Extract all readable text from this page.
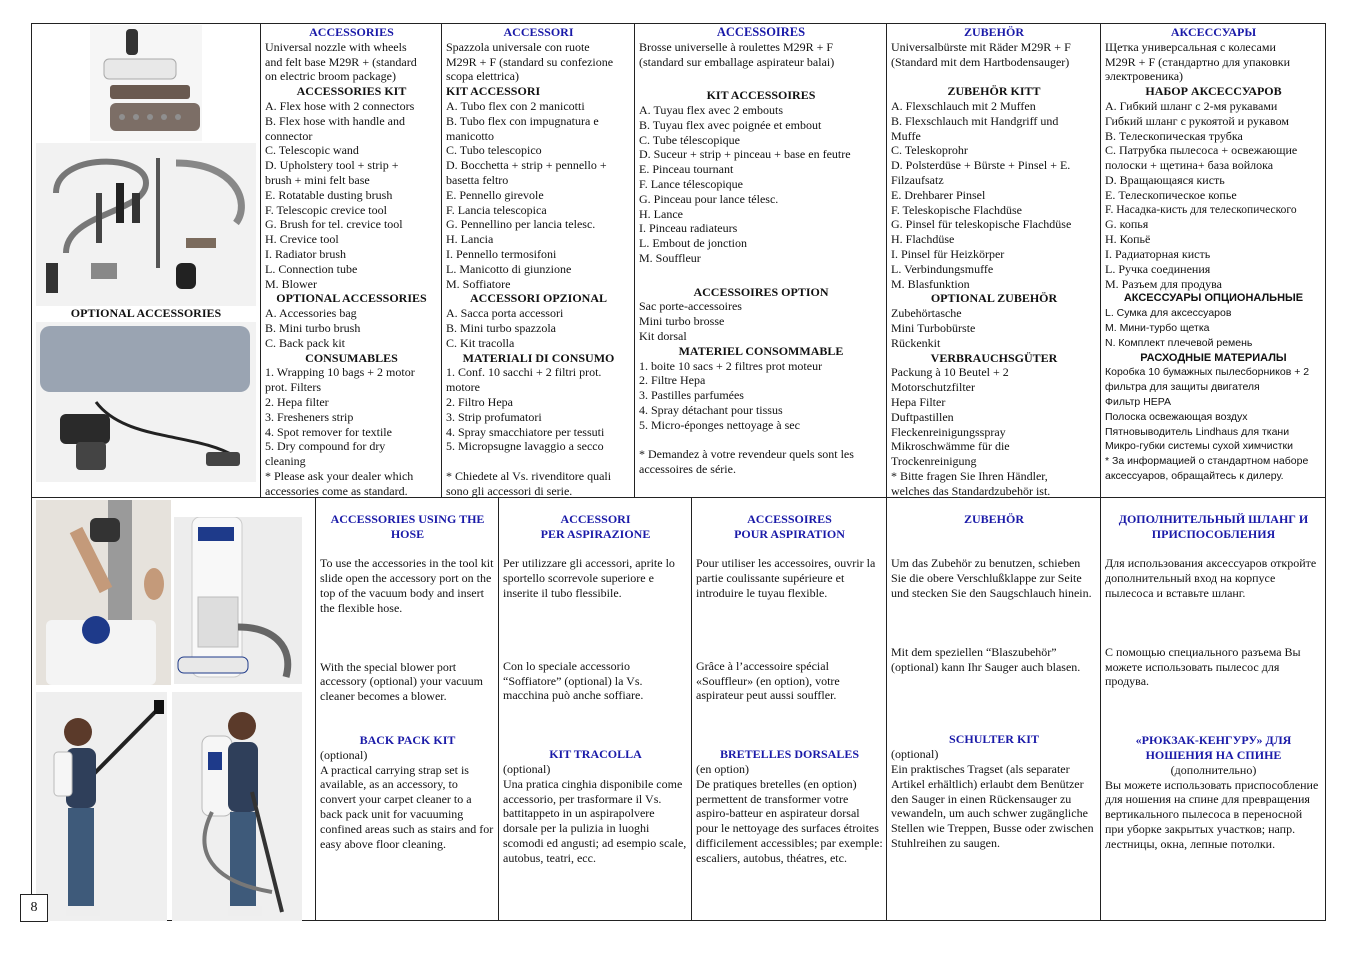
OPTIONAL ACCESSORIES
ACCESSORIES
Universal nozzle with wheels
and felt base M29R + (standard
on electric broom package)
ACCESSORIES KIT
A. Flex hose with 2 connectors
B. Flex hose with handle and
connector
C. Telescopic wand
D. Upholstery tool + strip +
brush + mini felt base
E. Rotatable dusting brush
F. Telescopic crevice tool
G. Brush for tel. crevice tool
H. Crevice tool
I. Radiator brush
L. Connection tube
M. Blower
OPTIONAL ACCESSORIES
A. Accessories bag
B. Mini turbo brush
C. Back pack kit
CONSUMABLES
1. Wrapping 10 bags + 2 motor
prot. Filters
2. Hepa filter
3. Fresheners strip
4. Spot remover for textile
5. Dry compound for dry
cleaning
* Please ask your dealer which
accessories come as standard.
ACCESSORI
Spazzola universale con ruote
M29R + F (standard su confezione
scopa elettrica)
KIT ACCESSORI
A. Tubo flex con 2 manicotti
B. Tubo flex con impugnatura e
manicotto
C. Tubo telescopico
D. Bocchetta + strip + pennello +
basetta feltro
E. Pennello girevole
F. Lancia telescopica
G. Pennellino per lancia telesc.
H. Lancia
I. Pennello termosifoni
L. Manicotto di giunzione
M. Soffiatore
ACCESSORI OPZIONAL
A. Sacca porta accessori
B. Mini turbo spazzola
C. Kit tracolla
MATERIALI DI CONSUMO
1. Conf. 10 sacchi + 2 filtri prot.
motore
2. Filtro Hepa
3. Strip profumatori
4. Spray smacchiatore per tessuti
5. Micropsugne lavaggio a secco
* Chiedete al Vs. rivenditore quali
sono gli accessori di serie.
ACCESSOIRES
Brosse universelle à roulettes M29R + F
(standard sur emballage aspirateur balai)
KIT ACCESSOIRES
A. Tuyau flex avec 2 embouts
B. Tuyau flex avec poignée et embout
C. Tube télescopique
D. Suceur + strip + pinceau + base en feutre
E. Pinceau tournant
F. Lance télescopique
G. Pinceau pour lance télesc.
H. Lance
I. Pinceau radiateurs
L. Embout de jonction
M. Souffleur
ACCESSOIRES OPTION
Sac porte-accessoires
Mini turbo brosse
Kit dorsal
MATERIEL CONSOMMABLE
1. boite 10 sacs + 2 filtres prot moteur
2. Filtre Hepa
3. Pastilles parfumées
4. Spray détachant pour tissus
5. Micro-éponges nettoyage à sec
* Demandez à votre revendeur quels sont les
accessoires de série.
ZUBEHÖR
Universalbürste mit Räder M29R + F
(Standard mit dem Hartbodensauger)
ZUBEHÖR KITT
A. Flexschlauch mit 2 Muffen
B. Flexschlauch mit Handgriff und
Muffe
C. Teleskoprohr
D. Polsterdüse + Bürste + Pinsel + E.
Filzaufsatz
E. Drehbarer Pinsel
F. Teleskopische Flachdüse
G. Pinsel für teleskopische Flachdüse
H. Flachdüse
I. Pinsel für Heizkörper
L. Verbindungsmuffe
M. Blasfunktion
OPTIONAL ZUBEHÖR
Zubehörtasche
Mini Turbobürste
Rückenkit
VERBRAUCHSGÜTER
Packung à 10 Beutel + 2
Motorschutzfilter
Hepa Filter
Duftpastillen
Fleckenreinigungsspray
Mikroschwämme für die
Trockenreinigung
* Bitte fragen Sie Ihren Händler,
welches das Standardzubehör ist.
АКСЕССУАРЫ
Щетка универсальная с колесами
M29R + F (стандартно для упаковки
электровеника)
НАБОР АКСЕССУАРОВ
A. Гибкий шланг с 2-мя рукавами
Гибкий шланг с рукоятой и рукавом
B. Телескопическая трубка
C. Патрубка пылесоса + освежающие
полоски + щетина+ база войлока
D. Вращающаяся кисть
E. Телескопическое копье
F. Насадка-кисть для телескопического
G. копья
H. Копьё
I. Радиаторная кисть
L. Ручка соединения
M. Разъем для продува
АКСЕССУАРЫ ОПЦИОНАЛЬНЫЕ
L. Сумка для аксессуаров
M. Мини-турбо щетка
N. Комплект плечевой ремень
РАСХОДНЫЕ МАТЕРИАЛЫ
Коробка 10 бумажных пылесборников + 2
фильтра для защиты двигателя
Фильтр HEPA
Полоска освежающая воздух
Пятновыводитель Lindhaus для ткани
Микро-губки системы сухой химчистки
* За информацией о стандартном наборе
аксессуаров, обращайтесь к дилеру.
8
ACCESSORIES USING THE HOSE
To use the accessories in the tool kit slide open the accessory port on the top of the vacuum body and insert the flexible hose.
With the special blower port accessory (optional) your vacuum cleaner becomes a blower.
BACK PACK KIT
(optional)
A practical carrying strap set is available, as an accessory, to convert your carpet cleaner to a back pack unit for vacuuming confined areas such as stairs and for easy above floor cleaning.
ACCESSORI
PER ASPIRAZIONE
Per utilizzare gli accessori, aprite lo sportello scorrevole superiore e inserite il tubo flessibile.
Con lo speciale accessorio “Soffiatore” (optional) la Vs. macchina può anche soffiare.
KIT TRACOLLA
(optional)
Una pratica cinghia disponibile come accessorio, per trasformare il Vs. battitappeto in un aspirapolvere dorsale per la pulizia in luoghi scomodi ed angusti; ad esempio scale, autobus, teatri, ecc.
ACCESSOIRES
POUR ASPIRATION
Pour utiliser les accessoires, ouvrir la partie coulissante supérieure et introduire le tuyau flexible.
Grâce à l’accessoire spécial «Souffleur» (en option), votre aspirateur peut aussi souffler.
BRETELLES DORSALES
(en option)
De pratiques bretelles (en option) permettent de transformer votre aspiro-batteur en aspirateur dorsal pour le nettoyage des surfaces étroites difficilement accessibles; par exemple: escaliers, autobus, théatres, etc.
ZUBEHÖR
Um das Zubehör zu benutzen, schieben Sie die obere Verschlußklappe zur Seite und stecken Sie den Saugschlauch hinein.
Mit dem speziellen “Blaszubehör” (optional) kann Ihr Sauger auch blasen.
SCHULTER KIT
(optional)
Ein praktisches Tragset (als separater Artikel erhältlich) erlaubt dem Benützer den Sauger in einen Rückensauger zu vewandeln, um auch schwer zugängliche Stellen wie Treppen, Busse oder zwischen Stuhlreihen zu saugen.
ДОПОЛНИТЕЛЬНЫЙ ШЛАНГ И ПРИСПОСОБЛЕНИЯ
Для использования аксессуаров откройте дополнительный вход на корпусе пылесоса и вставьте шланг.
С помощью специального разъема Вы можете использовать пылесос для продува.
«РЮКЗАК-КЕНГУРУ» ДЛЯ НОШЕНИЯ НА СПИНЕ
(дополнительно)
Вы можете использовать приспособление для ношения на спине для превращения вертикального пылесоса в переносной при уборке закрытых участков; напр. лестницы, окна, лепные потолки.
